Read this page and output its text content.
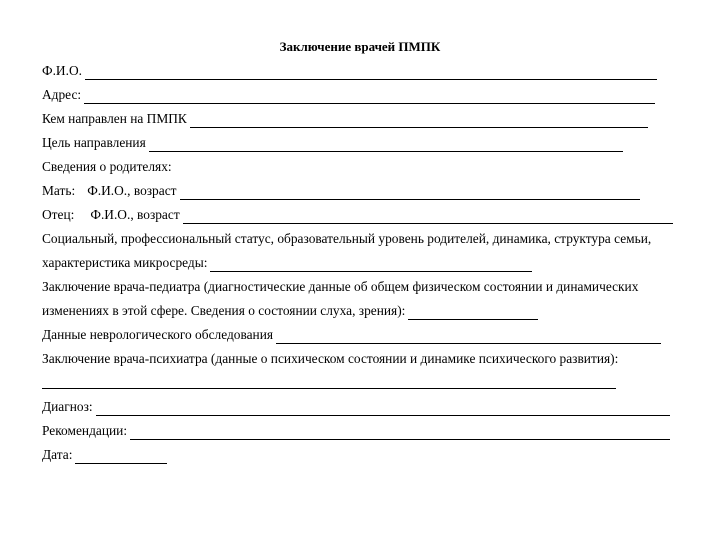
Заключение врачей ПМПК
Ф.И.О.
Адрес:
Кем направлен на ПМПК
Цель направления
Сведения о родителях:
Мать: Ф.И.О., возраст
Отец: Ф.И.О., возраст
Социальный, профессиональный статус, образовательный уровень родителей, динамика, структура семьи,
характеристика микросреды:
Заключение врача-педиатра (диагностические данные об общем физическом состоянии и динамических
изменениях в этой сфере. Сведения о состоянии слуха, зрения):
Данные неврологического обследования
Заключение врача-психиатра (данные о психическом состоянии и динамике психического развития):
Диагноз:
Рекомендации:
Дата:
